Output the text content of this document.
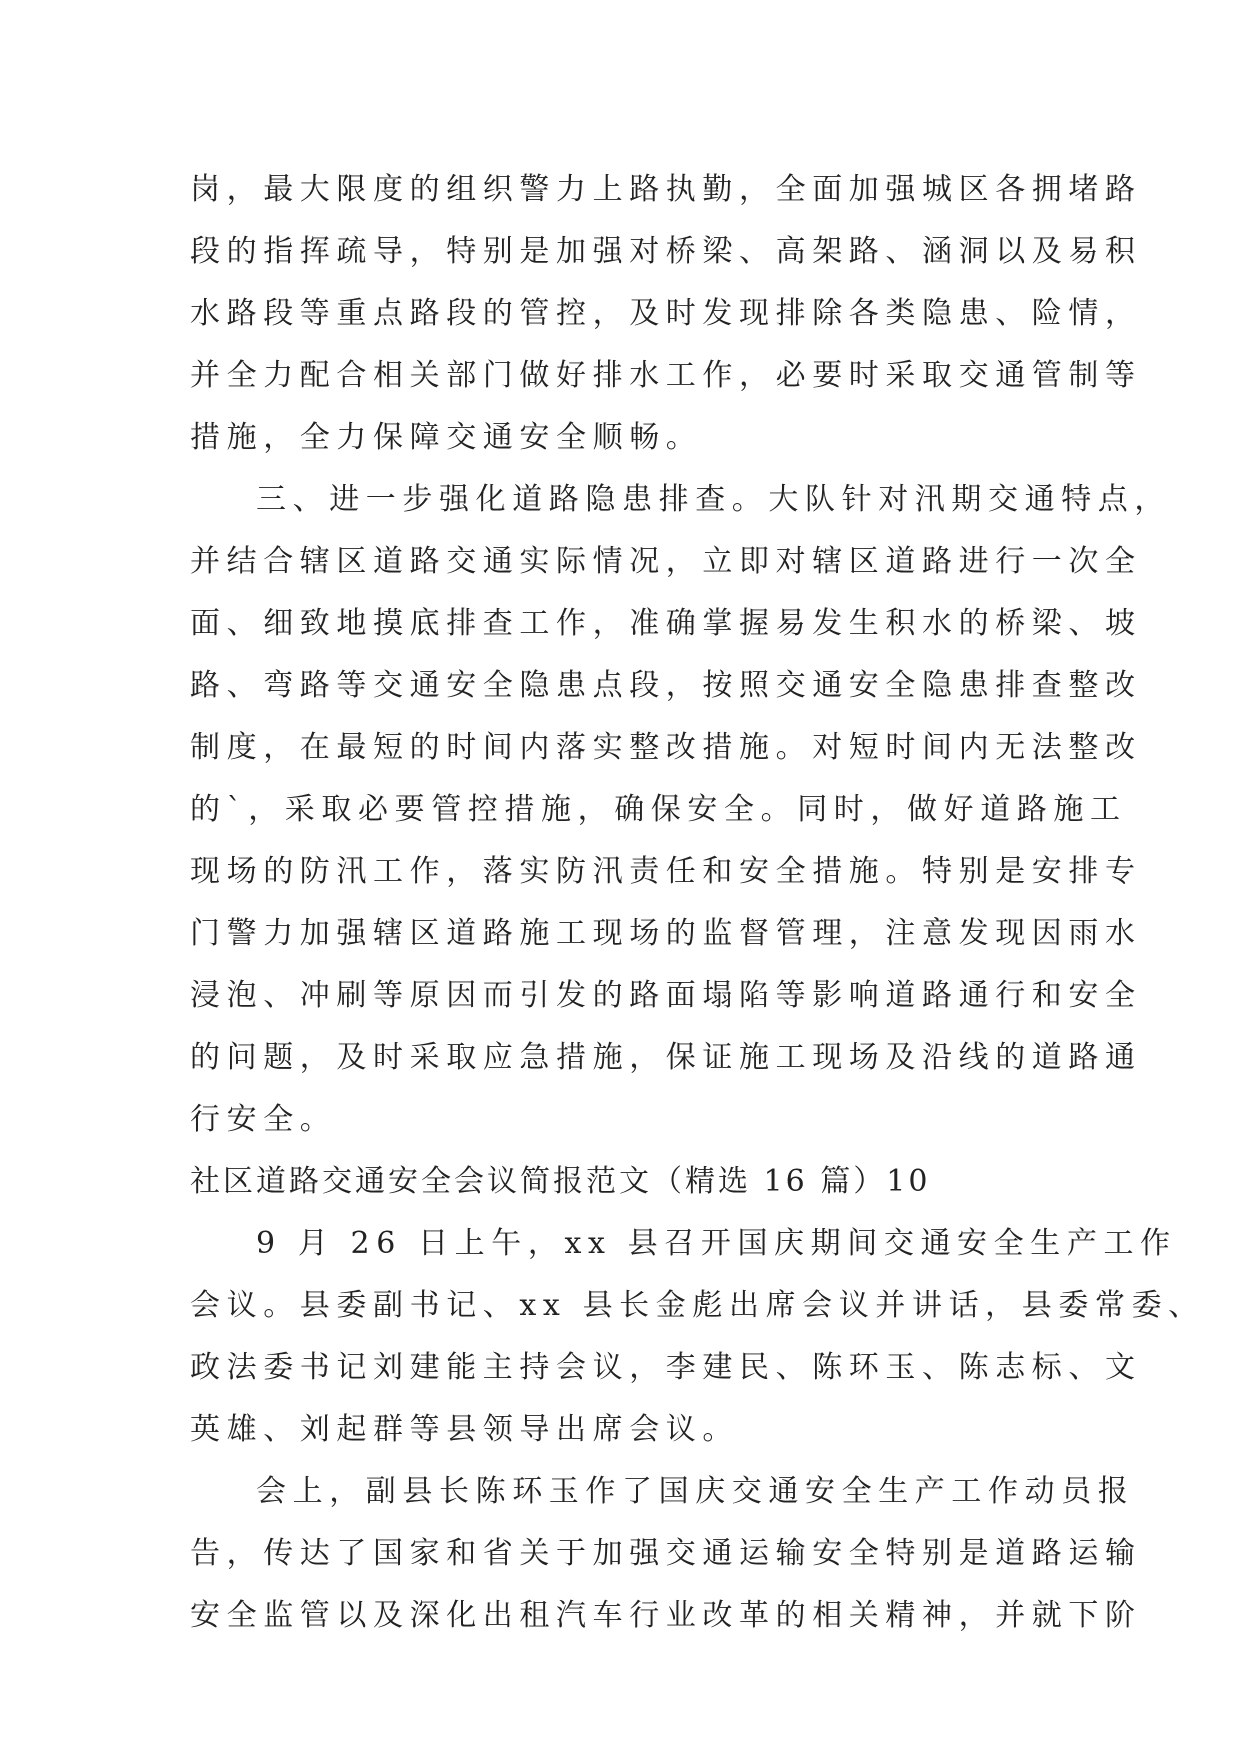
岗，最大限度的组织警力上路执勤，全面加强城区各拥堵路
段的指挥疏导，特别是加强对桥梁、高架路、涵洞以及易积
水路段等重点路段的管控，及时发现排除各类隐患、险情，
并全力配合相关部门做好排水工作，必要时采取交通管制等
措施，全力保障交通安全顺畅。
三、进一步强化道路隐患排查。大队针对汛期交通特点，
并结合辖区道路交通实际情况，立即对辖区道路进行一次全
面、细致地摸底排查工作，准确掌握易发生积水的桥梁、坡
路、弯路等交通安全隐患点段，按照交通安全隐患排查整改
制度，在最短的时间内落实整改措施。对短时间内无法整改
的`，采取必要管控措施，确保安全。同时，做好道路施工
现场的防汛工作，落实防汛责任和安全措施。特别是安排专
门警力加强辖区道路施工现场的监督管理，注意发现因雨水
浸泡、冲刷等原因而引发的路面塌陷等影响道路通行和安全
的问题，及时采取应急措施，保证施工现场及沿线的道路通
行安全。
社区道路交通安全会议简报范文（精选 16 篇）10
9 月 26 日上午，xx 县召开国庆期间交通安全生产工作
会议。县委副书记、xx 县长金彪出席会议并讲话，县委常委、
政法委书记刘建能主持会议，李建民、陈环玉、陈志标、文
英雄、刘起群等县领导出席会议。
会上，副县长陈环玉作了国庆交通安全生产工作动员报
告，传达了国家和省关于加强交通运输安全特别是道路运输
安全监管以及深化出租汽车行业改革的相关精神，并就下阶
